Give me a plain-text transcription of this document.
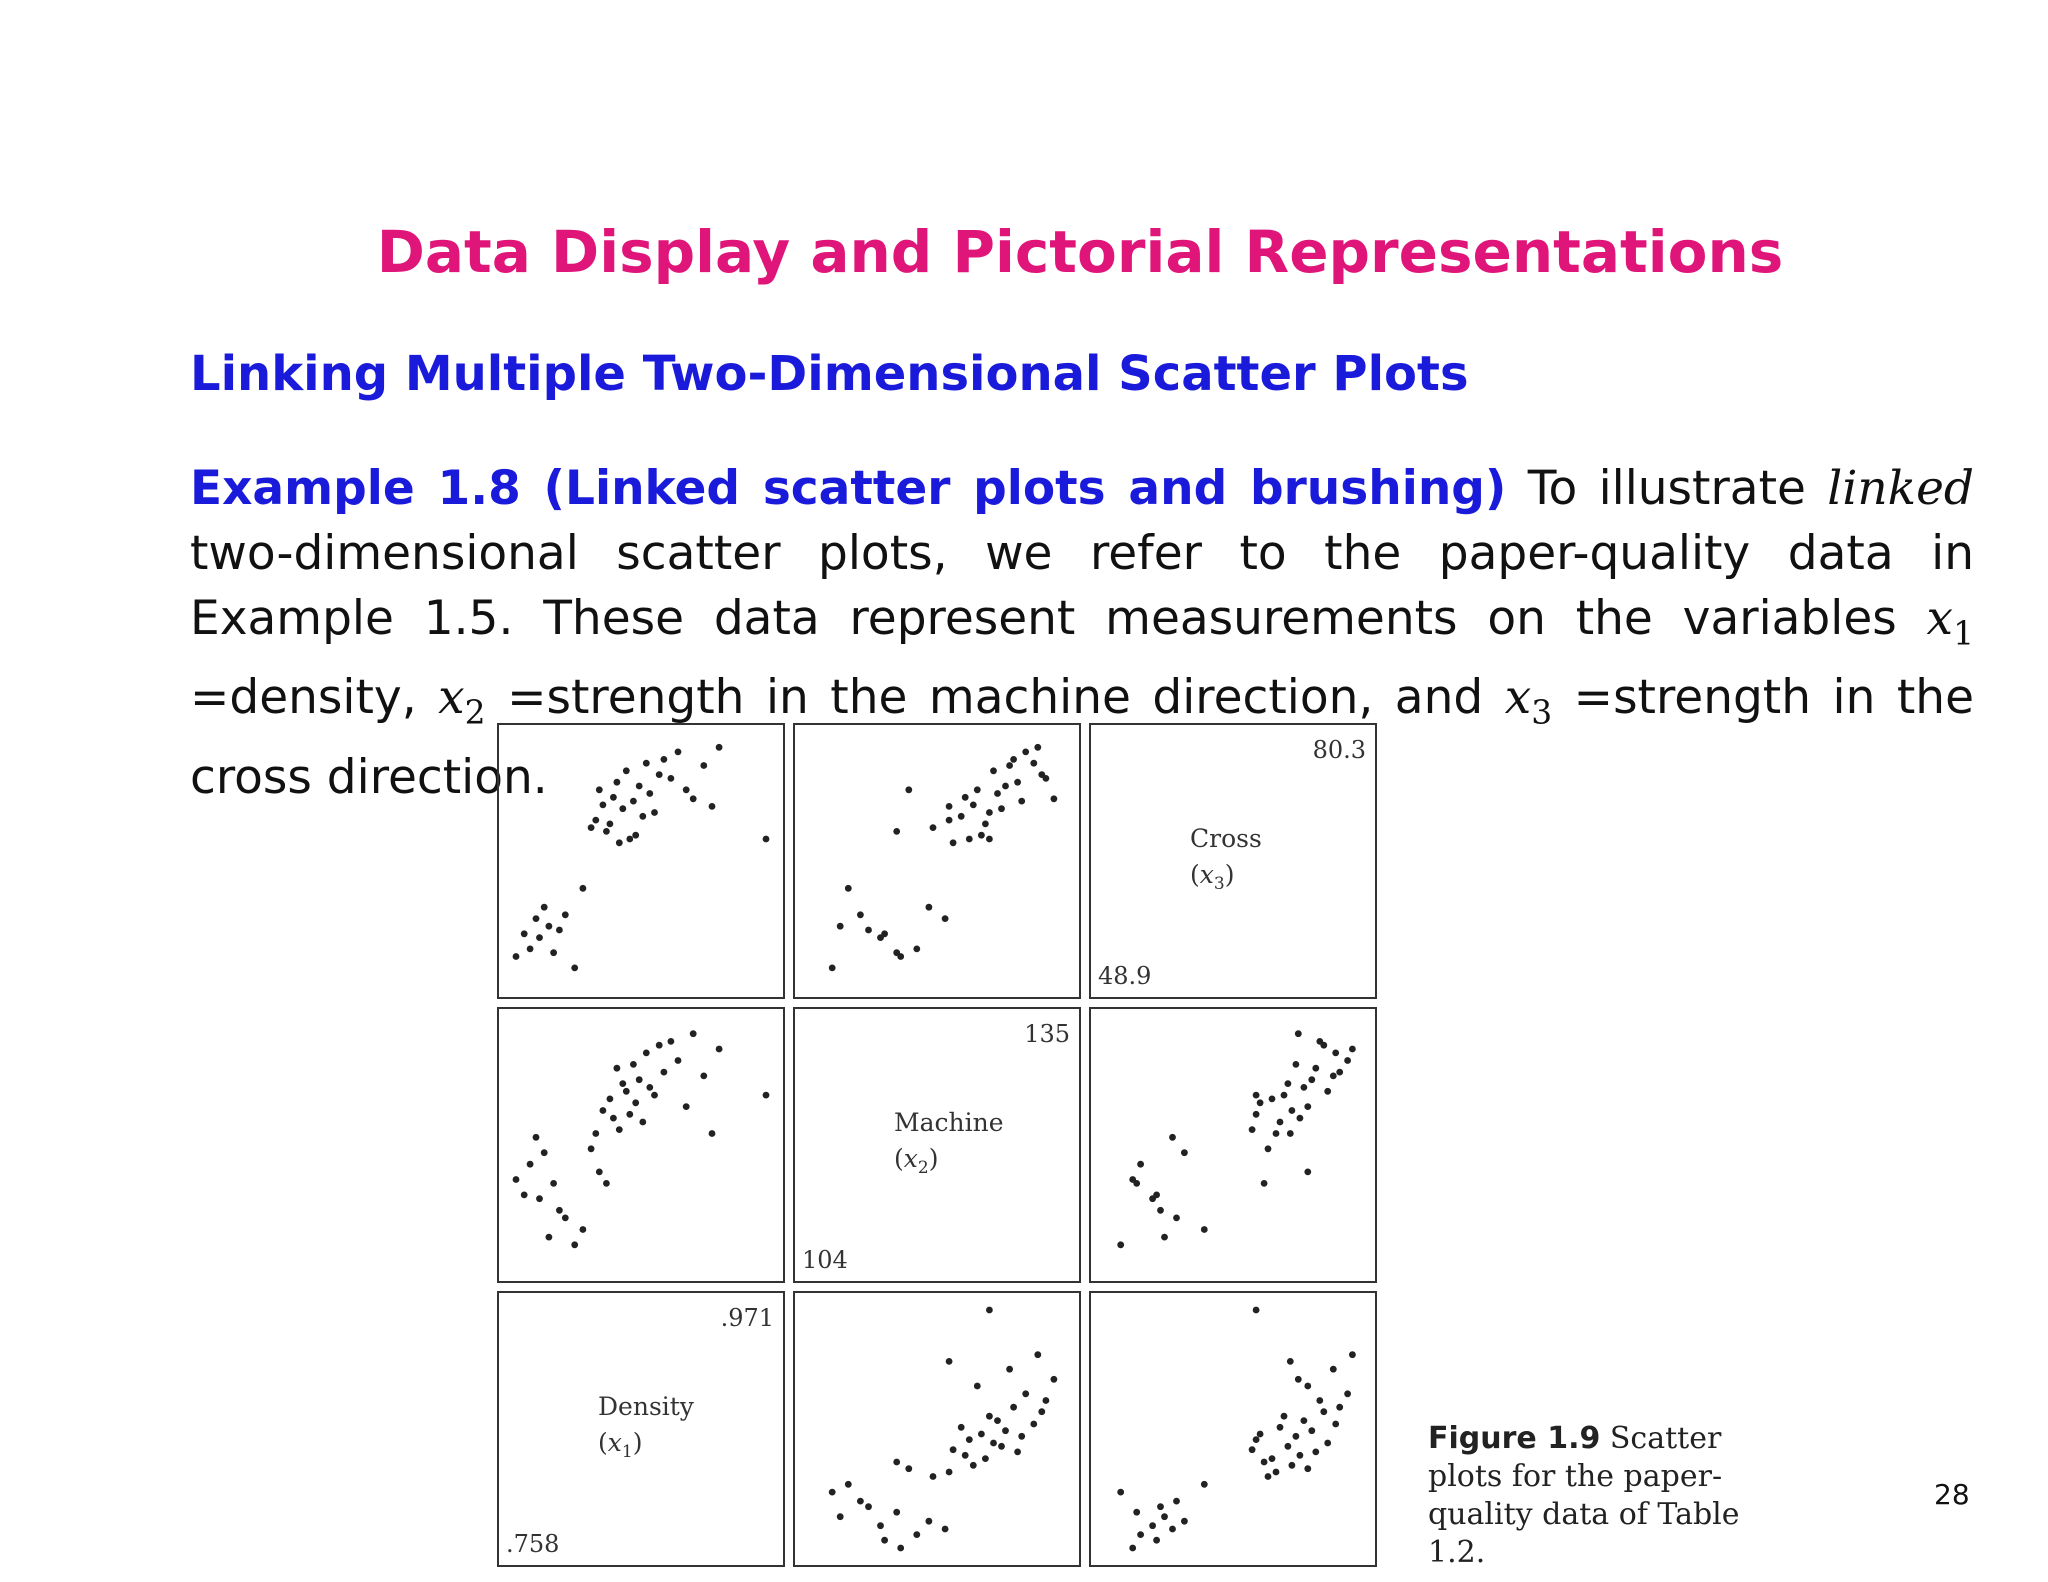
Data Display and Pictorial Representations
Linking Multiple Two-Dimensional Scatter Plots

Example 1.8 (Linked scatter plots and brushing) To illustrate linked two-dimensional scatter plots, we refer to the paper-quality data in Example 1.5. These data represent measurements on the variables $x_1$ =density, $x_2$ =strength in the machine direction, and $x_3$ =strength in the cross direction.	80.3
48.9
Cross
$(x_3)$
135
104
Machine
$(x_2)$
.971
.758
Density
$(x_1)$	Figure 1.9 Scatter plots for the paper-quality data of Table 1.2.

28
